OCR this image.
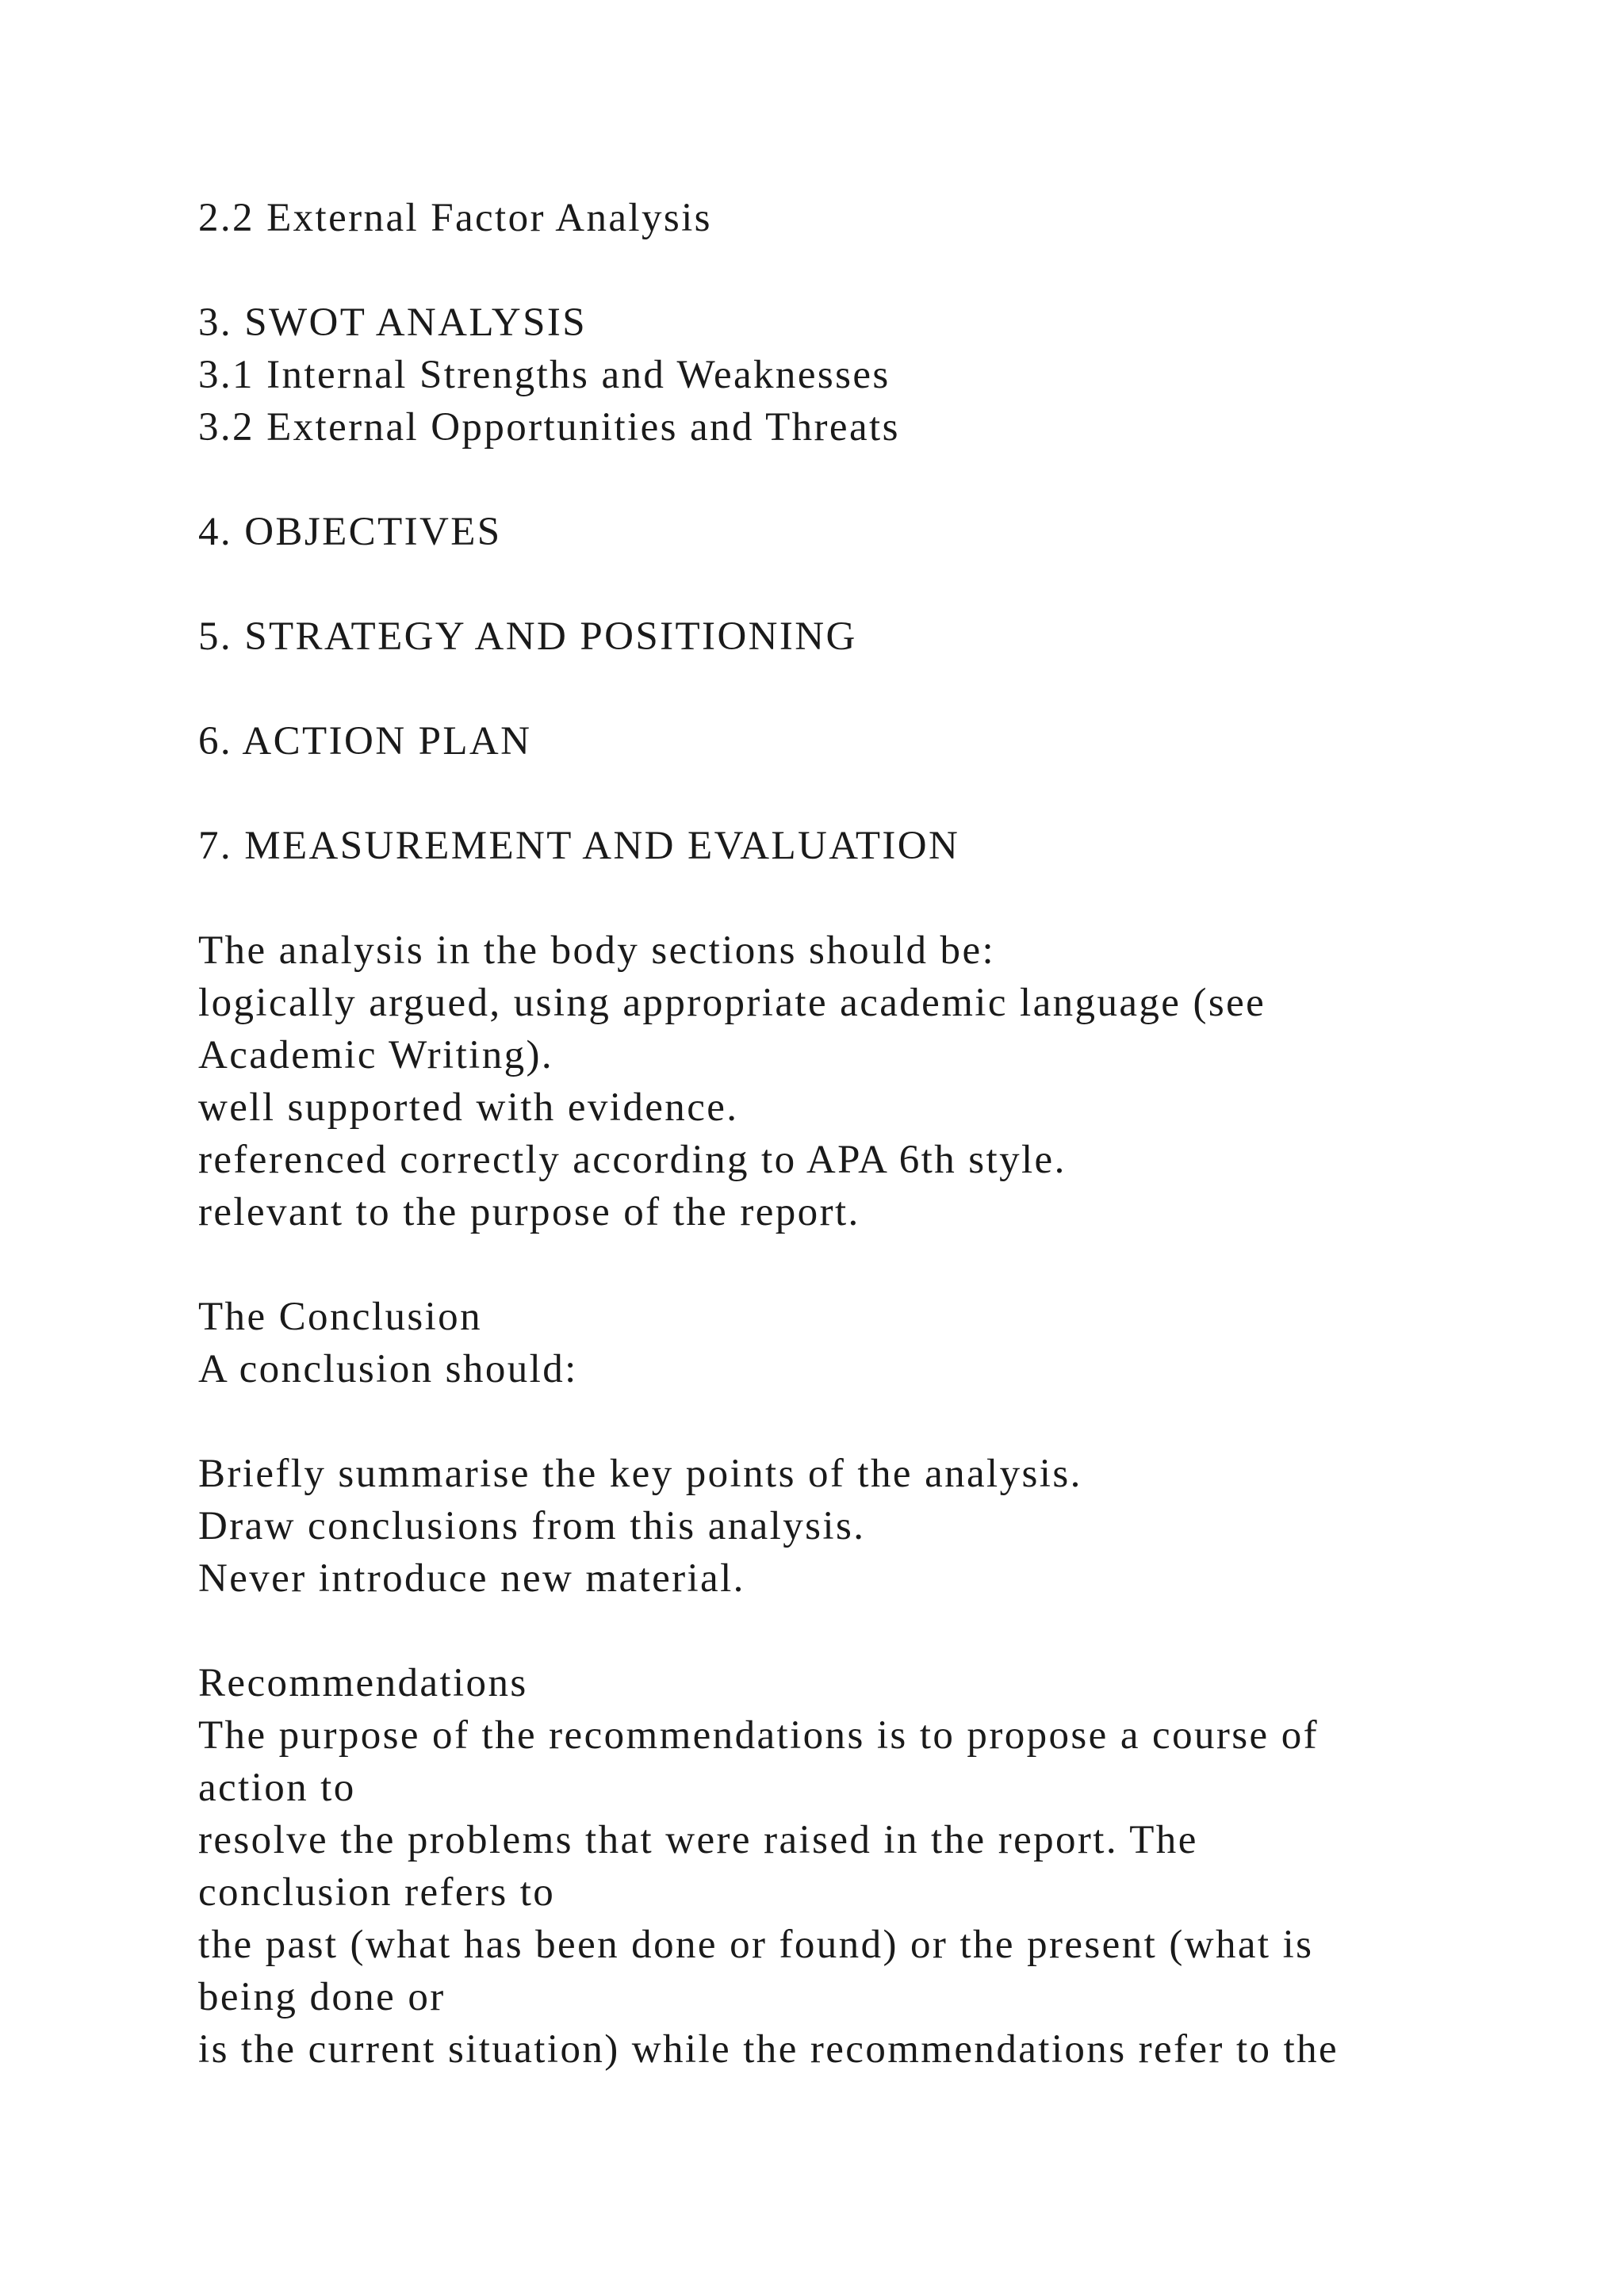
2.2 External Factor Analysis
3. SWOT ANALYSIS
3.1 Internal Strengths and Weaknesses
3.2 External Opportunities and Threats
4. OBJECTIVES
5. STRATEGY AND POSITIONING
6. ACTION PLAN
7. MEASUREMENT AND EVALUATION
The analysis in the body sections should be:
logically argued, using appropriate academic language (see
Academic Writing).
well supported with evidence.
referenced correctly according to APA 6th style.
relevant to the purpose of the report.
The Conclusion
A conclusion should:
Briefly summarise the key points of the analysis.
Draw conclusions from this analysis.
Never introduce new material.
Recommendations
The purpose of the recommendations is to propose a course of
action to
resolve the problems that were raised in the report. The
conclusion refers to
the past (what has been done or found) or the present (what is
being done or
is the current situation) while the recommendations refer to the
